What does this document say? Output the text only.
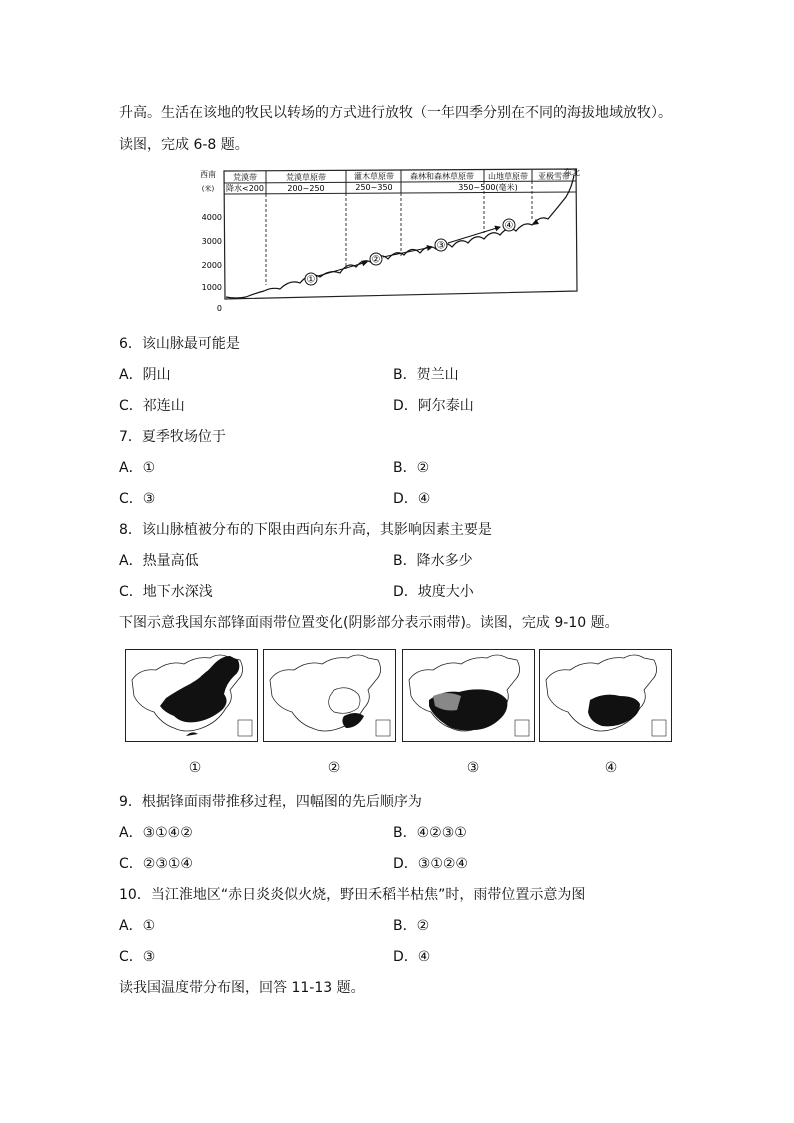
升高。生活在该地的牧民以转场的方式进行放牧（一年四季分别在不同的海拔地域放牧）。
读图，完成 6-8 题。
荒漠带	荒漠草原带	灌木草原带 森林和森林草原带 山地草原带 亚极雪带
降水<200	200~250	250~350	350~500(毫米)
西南
(米)
东北
4000
3000
2000
1000
0
①
②
③
④
6．该山脉最可能是
A．阴山	B．贺兰山
C．祁连山	D．阿尔泰山
7．夏季牧场位于
A．①	B．②
C．③	D．④
8．该山脉植被分布的下限由西向东升高，其影响因素主要是
A．热量高低	B．降水多少
C．地下水深浅	D．坡度大小
下图示意我国东部锋面雨带位置变化(阴影部分表示雨带)。读图，完成 9-10 题。
①	②	③	④
9．根据锋面雨带推移过程，四幅图的先后顺序为
A．③①④②	B．④②③①
C．②③①④	D．③①②④
10．当江淮地区“赤日炎炎似火烧，野田禾稻半枯焦”时，雨带位置示意为图
A．①	B．②
C．③	D．④
读我国温度带分布图，回答 11-13 题。
